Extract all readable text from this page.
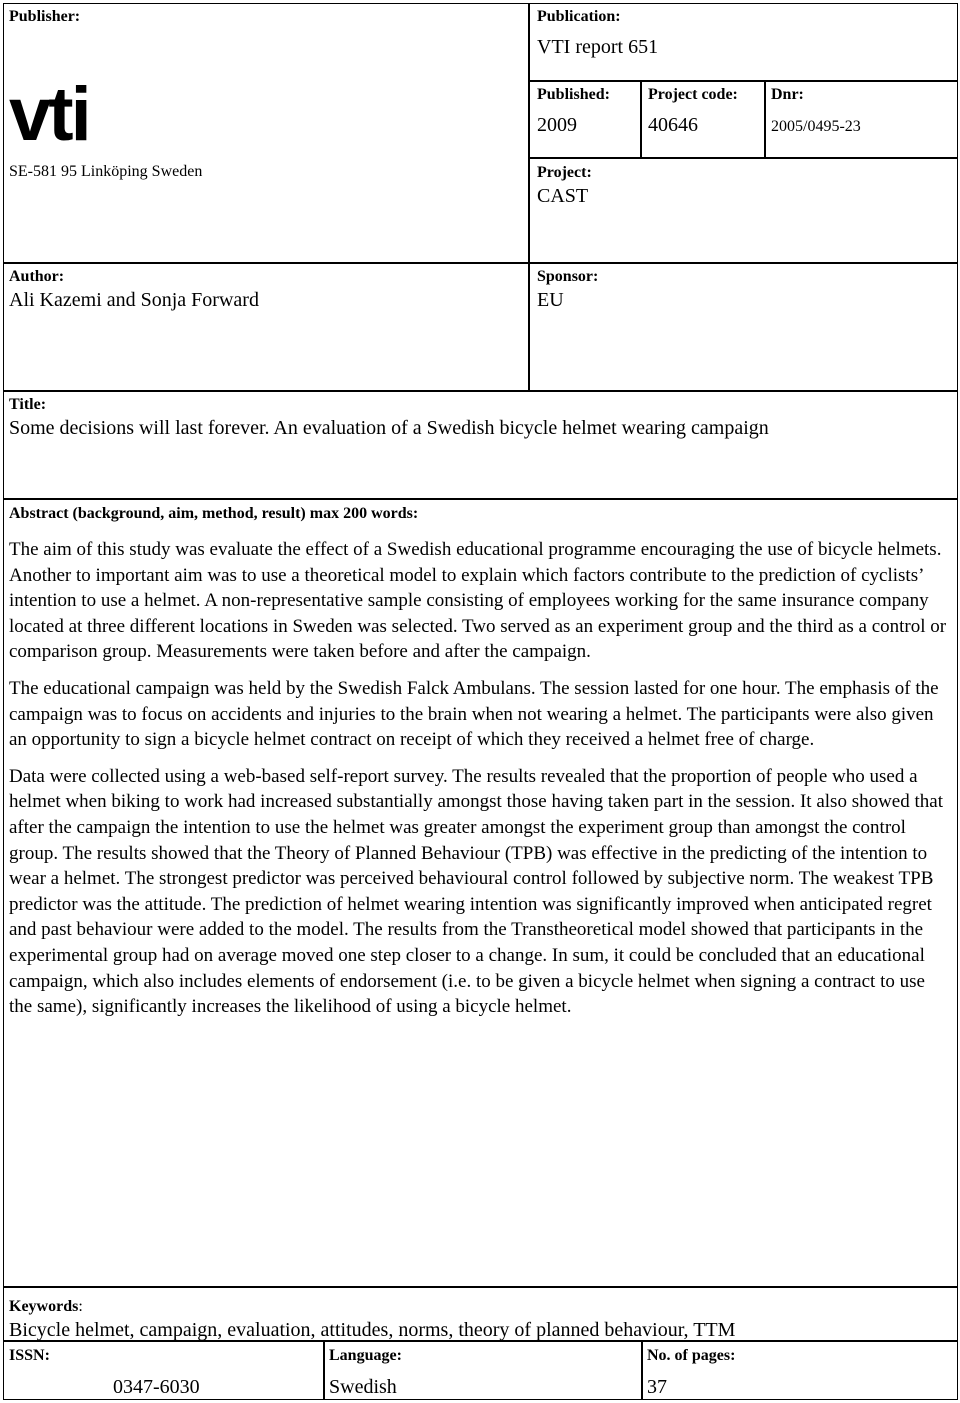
Publisher:
vti
SE-581 95 Linköping Sweden
Publication:
VTI report 651
Published:
2009
Project code:
40646
Dnr:
2005/0495-23
Project:
CAST
Author:
Ali Kazemi and Sonja Forward
Sponsor:
EU
Title:
Some decisions will last forever. An evaluation of a Swedish bicycle helmet wearing campaign
Abstract (background, aim, method, result) max 200 words:

The aim of this study was evaluate the effect of a Swedish educational programme encouraging the use of bicycle helmets. Another to important aim was to use a theoretical model to explain which factors contribute to the prediction of cyclists’ intention to use a helmet. A non-representative sample consisting of employees working for the same insurance company located at three different locations in Sweden was selected. Two served as an experiment group and the third as a control or comparison group. Measurements were taken before and after the campaign.

The educational campaign was held by the Swedish Falck Ambulans. The session lasted for one hour. The emphasis of the campaign was to focus on accidents and injuries to the brain when not wearing a helmet. The participants were also given an opportunity to sign a bicycle helmet contract on receipt of which they received a helmet free of charge.

Data were collected using a web-based self-report survey. The results revealed that the proportion of people who used a helmet when biking to work had increased substantially amongst those having taken part in the session. It also showed that after the campaign the intention to use the helmet was greater amongst the experiment group than amongst the control group. The results showed that the Theory of Planned Behaviour (TPB) was effective in the predicting of the intention to wear a helmet. The strongest predictor was perceived behavioural control followed by subjective norm. The weakest TPB predictor was the attitude. The prediction of helmet wearing intention was significantly improved when anticipated regret and past behaviour were added to the model. The results from the Transtheoretical model showed that participants in the experimental group had on average moved one step closer to a change. In sum, it could be concluded that an educational campaign, which also includes elements of endorsement (i.e. to be given a bicycle helmet when signing a contract to use the same), significantly increases the likelihood of using a bicycle helmet.

Keywords:
Bicycle helmet, campaign, evaluation, attitudes, norms, theory of planned behaviour, TTM
ISSN:
0347-6030
Language:
Swedish
No. of pages:
37
